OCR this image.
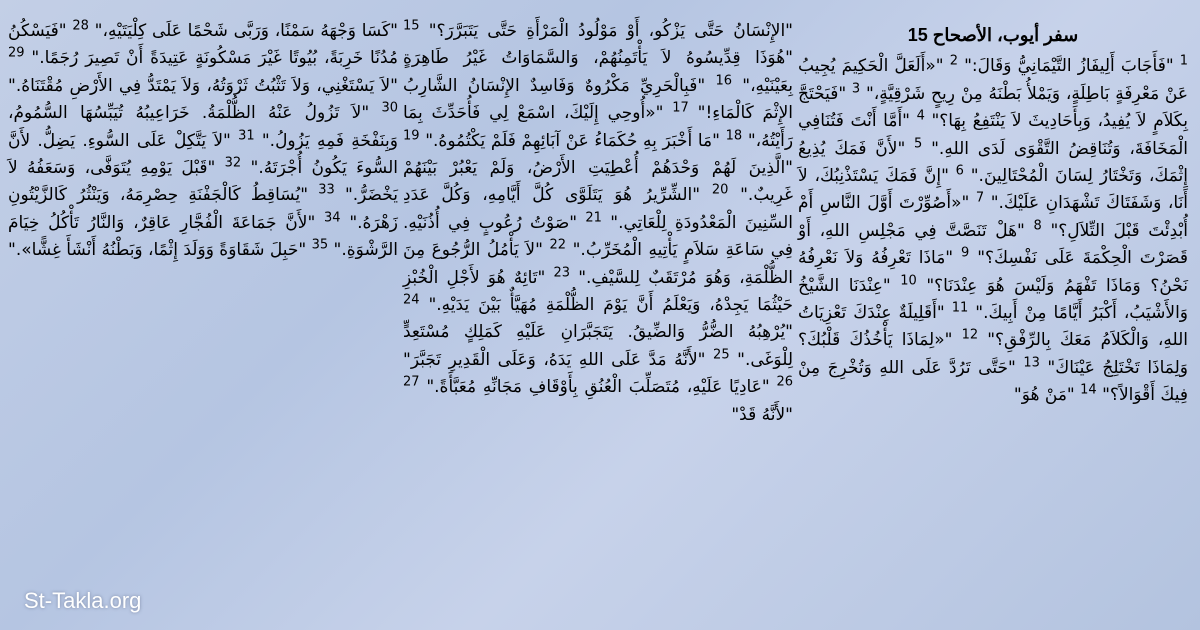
سفر أيوب، الأصحاح 15
$^1$ "فَأَجَابَ أَلِيفَازُ التَّيْمَانِيُّ وَقَالَ:" $^2$ "«أَلَعَلَّ الْحَكِيمَ يُجِيبُ عَنْ مَعْرِفَةٍ بَاطِلَةٍ، وَيَمْلأُ بَطْنَهُ مِنْ رِيحٍ شَرْقِيَّةٍ،" $^3$ "فَيَحْتَجَّ بِكَلاَمٍ لاَ يُفِيدُ، وَبِأَحَادِيثَ لاَ يَنْتَفِعُ بِهَا؟" $^4$ "أَمَّا أَنْتَ فَتُنَافِي الْمَخَافَةَ، وَتُنَاقِضُ التَّقْوَى لَدَى اللهِ." $^5$ "لأَنَّ فَمَكَ يُذِيعُ إِثْمَكَ، وَتَخْتَارُ لِسَانَ الْمُحْتَالِينَ." $^6$ "إِنَّ فَمَكَ يَسْتَذْنِبُكَ، لاَ أَنَا، وَشَفَتَاكَ تَشْهَدَانِ عَلَيْكَ." $^7$ "«أَصُوِّرْتَ أَوَّلَ النَّاسِ أَمْ أُبْدِئْتَ قَبْلَ التِّلاَلِ؟" $^8$ "هَلْ تَنَصَّتَّ فِي مَجْلِسِ اللهِ، أَوْ قَصَرْتَ الْحِكْمَةَ عَلَى نَفْسِكَ؟" $^9$ "مَاذَا تَعْرِفُهُ وَلاَ نَعْرِفُهُ نَحْنُ؟ وَمَاذَا تَفْهَمُ وَلَيْسَ هُوَ عِنْدَنَا؟" $^{10}$ "عِنْدَنَا الشَّيْخُ وَالأَشْيَبُ، أَكْبَرُ أَيَّامًا مِنْ أَبِيكَ." $^{11}$ "أَقَلِيلَةٌ عِنْدَكَ تَعْزِيَاتُ اللهِ، وَالْكَلاَمُ مَعَكَ بِالرِّفْقِ؟" $^{12}$ "«لِمَاذَا يَأْخُذُكَ قَلْبُكَ؟ وَلِمَاذَا تَخْتَلِجُ عَيْنَاكَ" $^{13}$ "حَتَّى تَرُدَّ عَلَى اللهِ وَتُخْرِجَ مِنْ فِيكَ أَقْوَالاً؟" $^{14}$ "مَنْ هُوَ"
"الإِنْسَانُ حَتَّى يَزْكُو، أَوْ مَوْلُودُ الْمَرْأَةِ حَتَّى يَتَبَرَّرَ؟" $^{15}$ "هُوَذَا قِدِّيسُوهُ لاَ يَأْتَمِنُهُمْ، وَالسَّمَاوَاتُ غَيْرُ طَاهِرَةٍ بِعَيْنَيْهِ،" $^{16}$ "فَبِالْحَرِيِّ مَكْرُوهٌ وَفَاسِدٌ الإِنْسَانُ الشَّارِبُ الإِثْمَ كَالْمَاءِ!" $^{17}$ "«أُوحِي إِلَيْكَ، اسْمَعْ لِي فَأُحَدِّثَ بِمَا رَأَيْتُهُ،" $^{18}$ "مَا أَخْبَرَ بِهِ حُكَمَاءُ عَنْ آبَائِهِمْ فَلَمْ يَكْتُمُوهُ." $^{19}$ "الَّذِينَ لَهُمْ وَحْدَهُمْ أُعْطِيَتِ الأَرْضُ، وَلَمْ يَعْبُرْ بَيْنَهُمْ غَرِيبٌ." $^{20}$ "الشِّرِّيرُ هُوَ يَتَلَوَّى كُلَّ أَيَّامِهِ، وَكُلَّ عَدَدِ السِّنِينَ الْمَعْدُودَةِ لِلْعَاتِي." $^{21}$ "صَوْتُ رُعُوبٍ فِي أُذُنَيْهِ. فِي سَاعَةِ سَلاَمٍ يَأْتِيهِ الْمُخَرِّبُ." $^{22}$ "لاَ يَأْمُلُ الرُّجُوعَ مِنَ الظُّلْمَةِ، وَهُوَ مُرْتَقَبٌ لِلسَّيْفِ." $^{23}$ "تَائِهٌ هُوَ لأَجْلِ الْخُبْزِ حَيْثُمَا يَجِدْهُ، وَيَعْلَمُ أَنَّ يَوْمَ الظُّلْمَةِ مُهَيَّأٌ بَيْنَ يَدَيْهِ." $^{24}$ "يُرْهِبُهُ الضُّرُّ وَالضِّيقُ. يَتَجَبَّرَانِ عَلَيْهِ كَمَلِكٍ مُسْتَعِدٍّ لِلْوَغَى." $^{25}$ "لأَنَّهُ مَدَّ عَلَى اللهِ يَدَهُ، وَعَلَى الْقَدِيرِ تَجَبَّرَ" $^{26}$ "عَادِيًا عَلَيْهِ، مُتَصَلِّبَ الْعُنُقِ بِأَوْقَافِ مَجَانِّهِ مُعَبَّأَةً." $^{27}$ "لأَنَّهُ قَدْ"
"كَسَا وَجْهَهُ سَمْنًا، وَرَبَّى شَحْمًا عَلَى كِلْيَتَيْهِ،" $^{28}$ "فَيَسْكُنُ مُدُنًا خَرِبَةً، بُيُوتًا غَيْرَ مَسْكُونَةٍ عَتِيدَةً أَنْ تَصِيرَ رُجَمًا." $^{29}$ "لاَ يَسْتَغْنِي، وَلاَ تَثْبُتُ ثَرْوَتُهُ، وَلاَ يَمْتَدُّ فِي الأَرْضِ مُقْتَنَاهُ." $^{30}$ "لاَ تَزُولُ عَنْهُ الظُّلْمَةُ. خَرَاعِيبُهُ تُيَبِّسُهَا السُّمُومُ، وَبِنَفْخَةِ فَمِهِ يَزُولُ." $^{31}$ "لاَ يَتَّكِلْ عَلَى السُّوءِ. يَضِلُّ. لأَنَّ السُّوءَ يَكُونُ أُجْرَتَهُ." $^{32}$ "قَبْلَ يَوْمِهِ يُتَوَفَّى، وَسَعَفُهُ لاَ يَخْضَرُّ." $^{33}$ "يُسَاقِطُ كَالْجَفْنَةِ حِصْرِمَهُ، وَيَنْثُرُ كَالزَّيْتُونِ زَهْرَهُ." $^{34}$ "لأَنَّ جَمَاعَةَ الْفُجَّارِ عَاقِرٌ، وَالنَّارُ تَأْكُلُ خِيَامَ الرَّشْوَةِ." $^{35}$ "حَبِلَ شَقَاوَةً وَوَلَدَ إِثْمًا، وَبَطْنُهُ أَنْشَأَ غِشًّا»."
St-Takla.org
